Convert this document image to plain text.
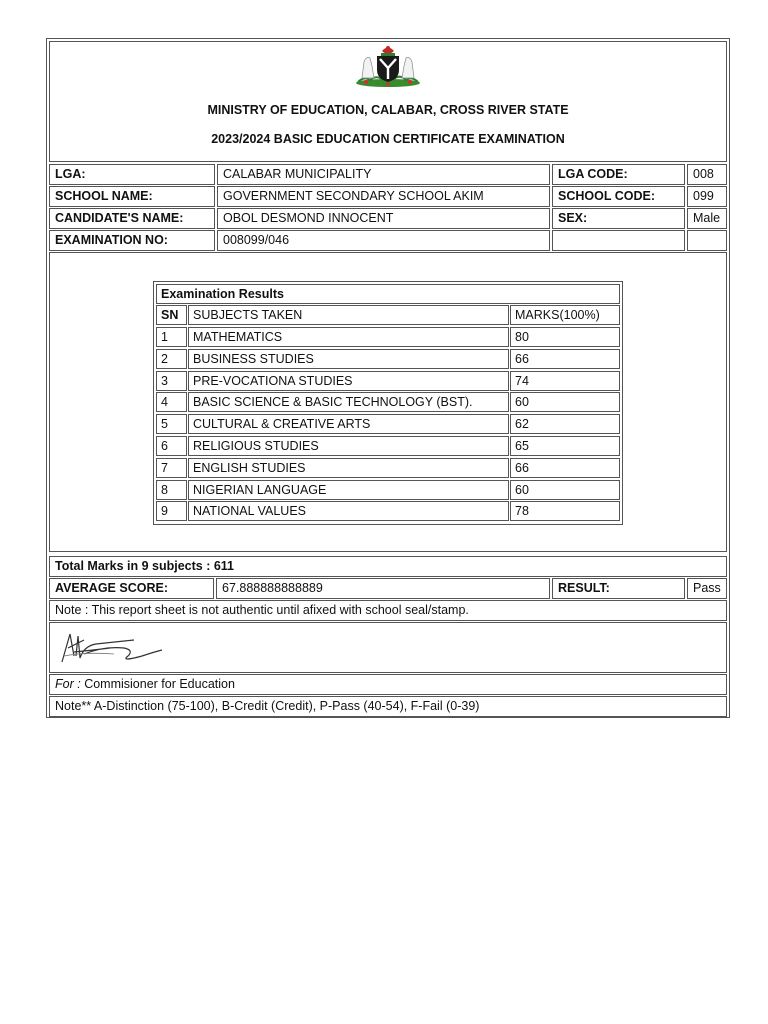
MINISTRY OF EDUCATION, CALABAR, CROSS RIVER STATE
2023/2024 BASIC EDUCATION CERTIFICATE EXAMINATION
LGA:	CALABAR MUNICIPALITY	LGA CODE:	008
SCHOOL NAME:	GOVERNMENT SECONDARY SCHOOL AKIM	SCHOOL CODE:	099
CANDIDATE'S NAME:	OBOL DESMOND INNOCENT	SEX:	Male
EXAMINATION NO:	008099/046
Examination Results
SN	SUBJECTS TAKEN	MARKS(100%)
1	MATHEMATICS	80
2	BUSINESS STUDIES	66
3	PRE-VOCATIONA STUDIES	74
4	BASIC SCIENCE & BASIC TECHNOLOGY (BST).	60
5	CULTURAL & CREATIVE ARTS	62
6	RELIGIOUS STUDIES	65
7	ENGLISH STUDIES	66
8	NIGERIAN LANGUAGE	60
9	NATIONAL VALUES	78
Total Marks in 9 subjects : 611
AVERAGE SCORE:	67.888888888889	RESULT:	Pass
Note : This report sheet is not authentic until afixed with school seal/stamp.
For :
Commisioner for Education
Note** A-Distinction (75-100), B-Credit (Credit), P-Pass (40-54), F-Fail (0-39)
